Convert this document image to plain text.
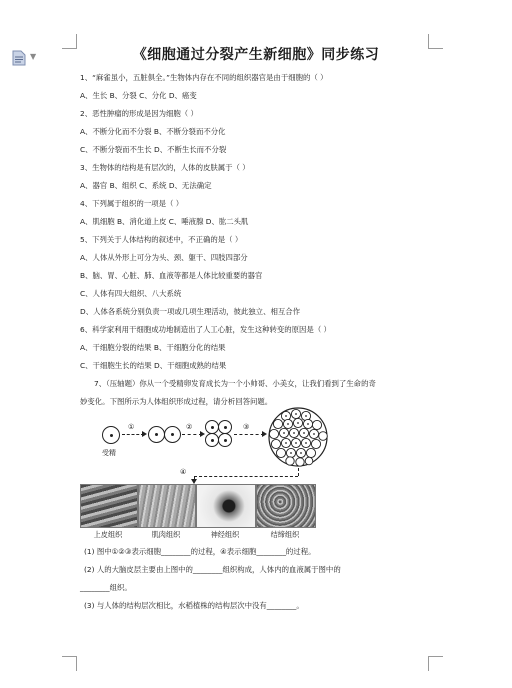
▼	《细胞通过分裂产生新细胞》同步练习
1、“麻雀虽小，五脏俱全。”生物体内存在不同的组织器官是由于细胞的（ ）
A、生长 B、分裂 C、分化 D、癌变
2、恶性肿瘤的形成是因为细胞（ ）
A、不断分化而不分裂 B、不断分裂而不分化
C、不断分裂而不生长 D、不断生长而不分裂
3、生物体的结构是有层次的，人体的皮肤属于（ ）
A、器官 B、组织 C、系统 D、无法确定
4、下列属于组织的一项是（ ）
A、肌细胞 B、消化道上皮 C、唾液腺 D、肱二头肌
5、下列关于人体结构的叙述中，不正确的是（ ）
A、人体从外形上可分为头、颈、躯干、四肢四部分
B、脑、胃、心脏、肺、血液等都是人体比较重要的器官
C、人体有四大组织、八大系统
D、人体各系统分别负责一项或几项生理活动，彼此独立、相互合作
6、科学家利用干细胞成功地制造出了人工心脏，发生这种转变的原因是（ ）
A、干细胞分裂的结果 B、干细胞分化的结果
C、干细胞生长的结果 D、干细胞成熟的结果
7、（压轴题）你从一个受精卵发育成长为一个小帅哥、小美女，让我们看到了生命的奇
妙变化。下图所示为人体组织形成过程，请分析回答问题。
受精
①	②	③
④
上皮组织	肌肉组织	神经组织	结缔组织
(1) 图中①②③表示细胞________的过程，④表示细胞________的过程。
(2) 人的大脑皮层主要由上图中的________组织构成，人体内的血液属于图中的
________组织。
(3) 与人体的结构层次相比，水稻植株的结构层次中没有________。
